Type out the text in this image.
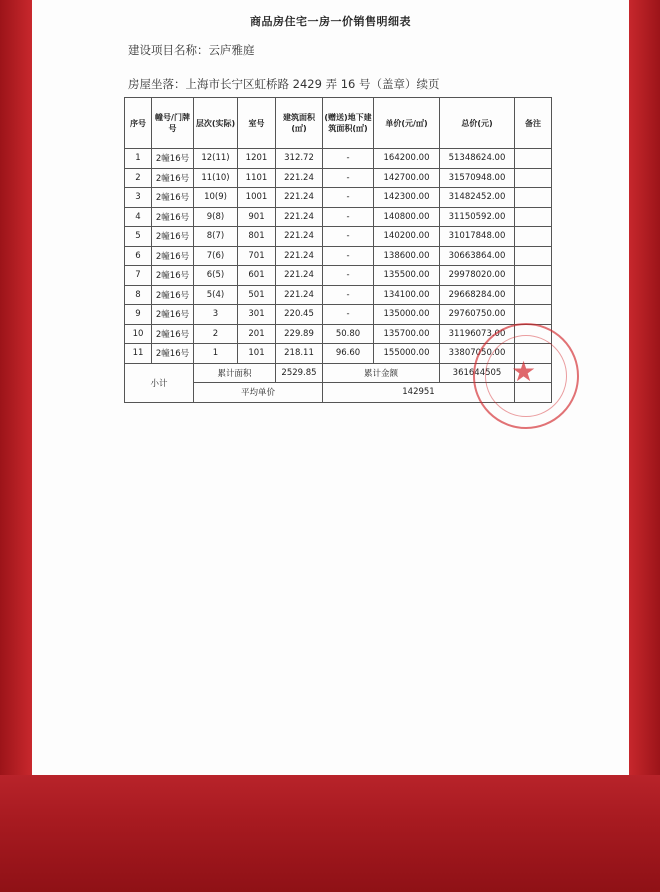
商品房住宅一房一价销售明细表
建设项目名称：云庐雅庭
房屋坐落：上海市长宁区虹桥路 2429 弄 16 号（盖章）续页
序号	幢号/门牌号	层次(实际)	室号	建筑面积(㎡)	(赠送)地下建筑面积(㎡)	单价(元/㎡)	总价(元)	备注
1	2幢16号	12(11)	1201	312.72	-	164200.00	51348624.00	
2	2幢16号	11(10)	1101	221.24	-	142700.00	31570948.00	
3	2幢16号	10(9)	1001	221.24	-	142300.00	31482452.00	
4	2幢16号	9(8)	901	221.24	-	140800.00	31150592.00	
5	2幢16号	8(7)	801	221.24	-	140200.00	31017848.00	
6	2幢16号	7(6)	701	221.24	-	138600.00	30663864.00	
7	2幢16号	6(5)	601	221.24	-	135500.00	29978020.00	
8	2幢16号	5(4)	501	221.24	-	134100.00	29668284.00	
9	2幢16号	3	301	220.45	-	135000.00	29760750.00	
10	2幢16号	2	201	229.89	50.80	135700.00	31196073.00	
11	2幢16号	1	101	218.11	96.60	155000.00	33807050.00	
小计		累计面积		2529.85	累计金额		361644505	
		平均单价			142951			
★
